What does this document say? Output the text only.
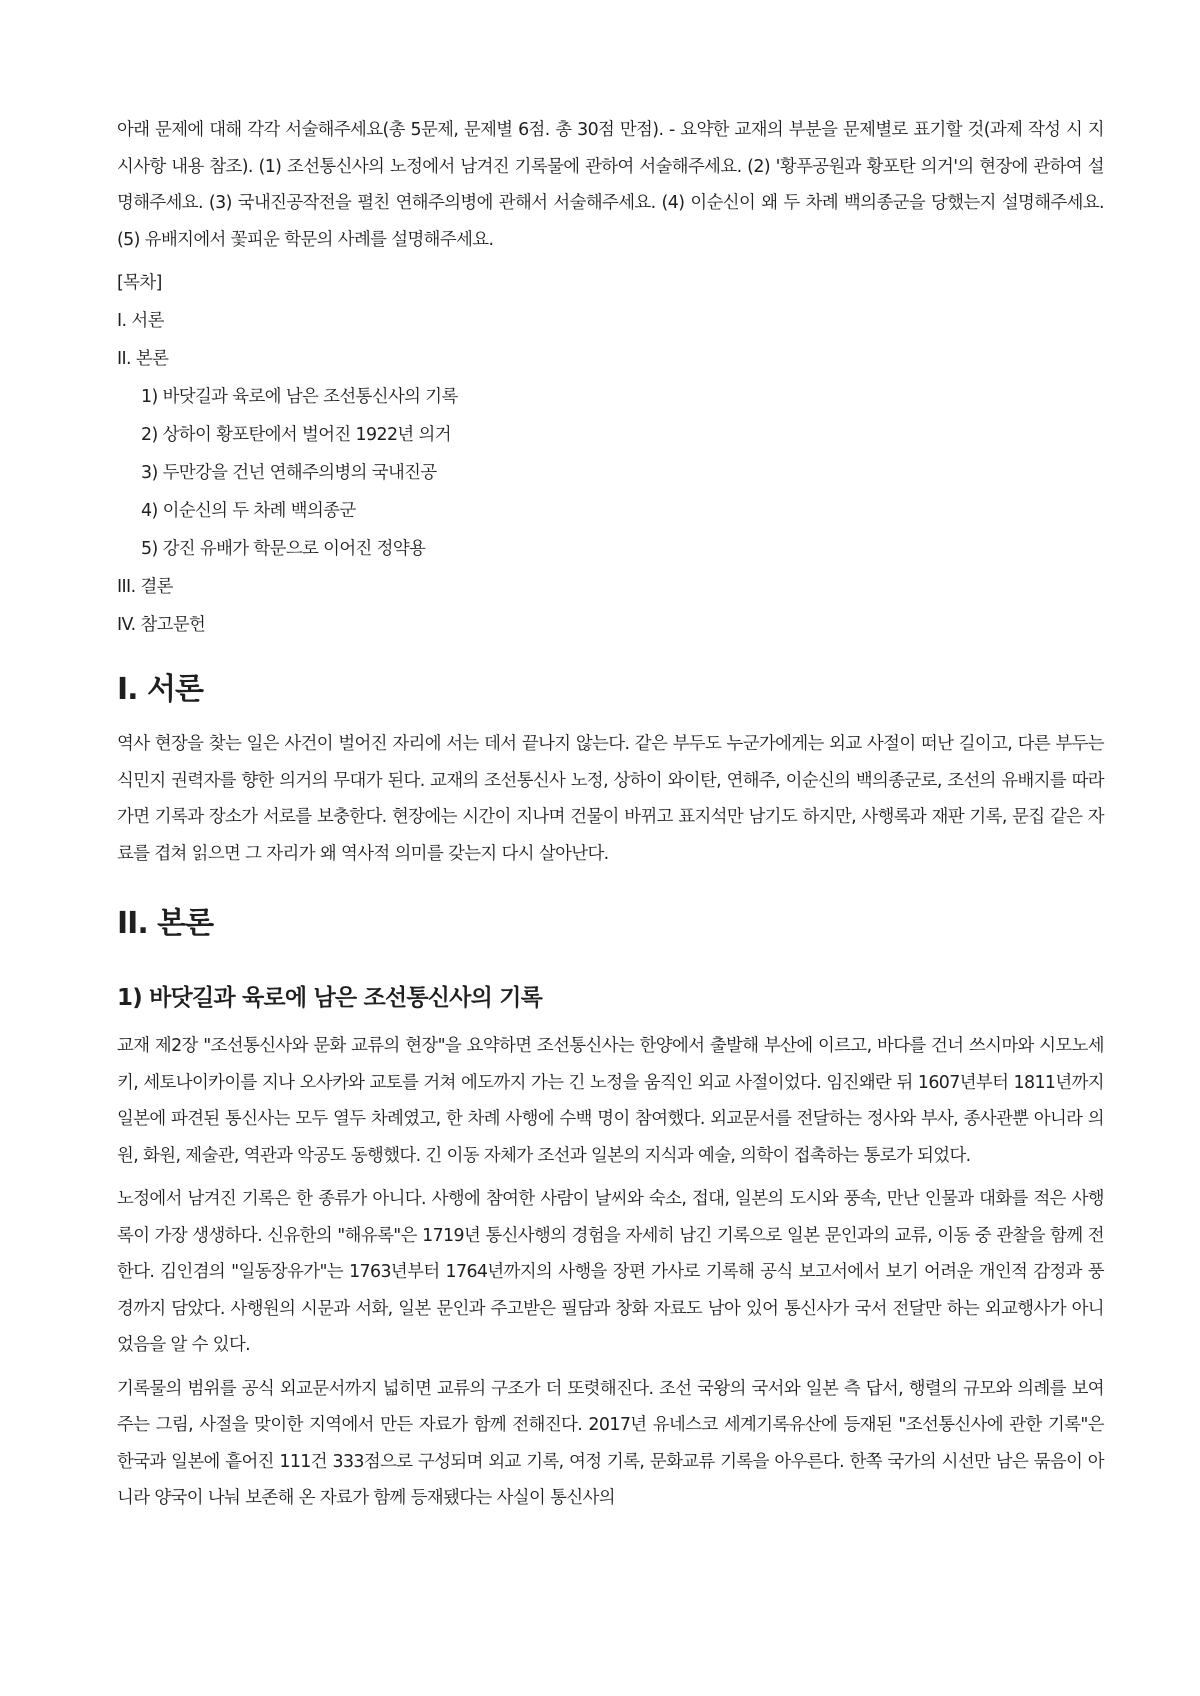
아래 문제에 대해 각각 서술해주세요(총 5문제, 문제별 6점. 총 30점 만점). - 요약한 교재의 부분을 문제별로 표기할 것(과제 작성 시 지시사항 내용 참조). (1) 조선통신사의 노정에서 남겨진 기록물에 관하여 서술해주세요. (2) '황푸공원과 황포탄 의거'의 현장에 관하여 설명해주세요. (3) 국내진공작전을 펼친 연해주의병에 관해서 서술해주세요. (4) 이순신이 왜 두 차례 백의종군을 당했는지 설명해주세요. (5) 유배지에서 꽃피운 학문의 사례를 설명해주세요.

[목차]
I. 서론
II. 본론
1) 바닷길과 육로에 남은 조선통신사의 기록
2) 상하이 황포탄에서 벌어진 1922년 의거
3) 두만강을 건넌 연해주의병의 국내진공
4) 이순신의 두 차례 백의종군
5) 강진 유배가 학문으로 이어진 정약용
III. 결론
IV. 참고문헌
I. 서론

역사 현장을 찾는 일은 사건이 벌어진 자리에 서는 데서 끝나지 않는다. 같은 부두도 누군가에게는 외교 사절이 떠난 길이고, 다른 부두는 식민지 권력자를 향한 의거의 무대가 된다. 교재의 조선통신사 노정, 상하이 와이탄, 연해주, 이순신의 백의종군로, 조선의 유배지를 따라가면 기록과 장소가 서로를 보충한다. 현장에는 시간이 지나며 건물이 바뀌고 표지석만 남기도 하지만, 사행록과 재판 기록, 문집 같은 자료를 겹쳐 읽으면 그 자리가 왜 역사적 의미를 갖는지 다시 살아난다.

II. 본론
1) 바닷길과 육로에 남은 조선통신사의 기록

교재 제2장 "조선통신사와 문화 교류의 현장"을 요약하면 조선통신사는 한양에서 출발해 부산에 이르고, 바다를 건너 쓰시마와 시모노세키, 세토나이카이를 지나 오사카와 교토를 거쳐 에도까지 가는 긴 노정을 움직인 외교 사절이었다. 임진왜란 뒤 1607년부터 1811년까지 일본에 파견된 통신사는 모두 열두 차례였고, 한 차례 사행에 수백 명이 참여했다. 외교문서를 전달하는 정사와 부사, 종사관뿐 아니라 의원, 화원, 제술관, 역관과 악공도 동행했다. 긴 이동 자체가 조선과 일본의 지식과 예술, 의학이 접촉하는 통로가 되었다.

노정에서 남겨진 기록은 한 종류가 아니다. 사행에 참여한 사람이 날씨와 숙소, 접대, 일본의 도시와 풍속, 만난 인물과 대화를 적은 사행록이 가장 생생하다. 신유한의 "해유록"은 1719년 통신사행의 경험을 자세히 남긴 기록으로 일본 문인과의 교류, 이동 중 관찰을 함께 전한다. 김인겸의 "일동장유가"는 1763년부터 1764년까지의 사행을 장편 가사로 기록해 공식 보고서에서 보기 어려운 개인적 감정과 풍경까지 담았다. 사행원의 시문과 서화, 일본 문인과 주고받은 필담과 창화 자료도 남아 있어 통신사가 국서 전달만 하는 외교행사가 아니었음을 알 수 있다.

기록물의 범위를 공식 외교문서까지 넓히면 교류의 구조가 더 또렷해진다. 조선 국왕의 국서와 일본 측 답서, 행렬의 규모와 의례를 보여 주는 그림, 사절을 맞이한 지역에서 만든 자료가 함께 전해진다. 2017년 유네스코 세계기록유산에 등재된 "조선통신사에 관한 기록"은 한국과 일본에 흩어진 111건 333점으로 구성되며 외교 기록, 여정 기록, 문화교류 기록을 아우른다. 한쪽 국가의 시선만 남은 묶음이 아니라 양국이 나눠 보존해 온 자료가 함께 등재됐다는 사실이 통신사의
